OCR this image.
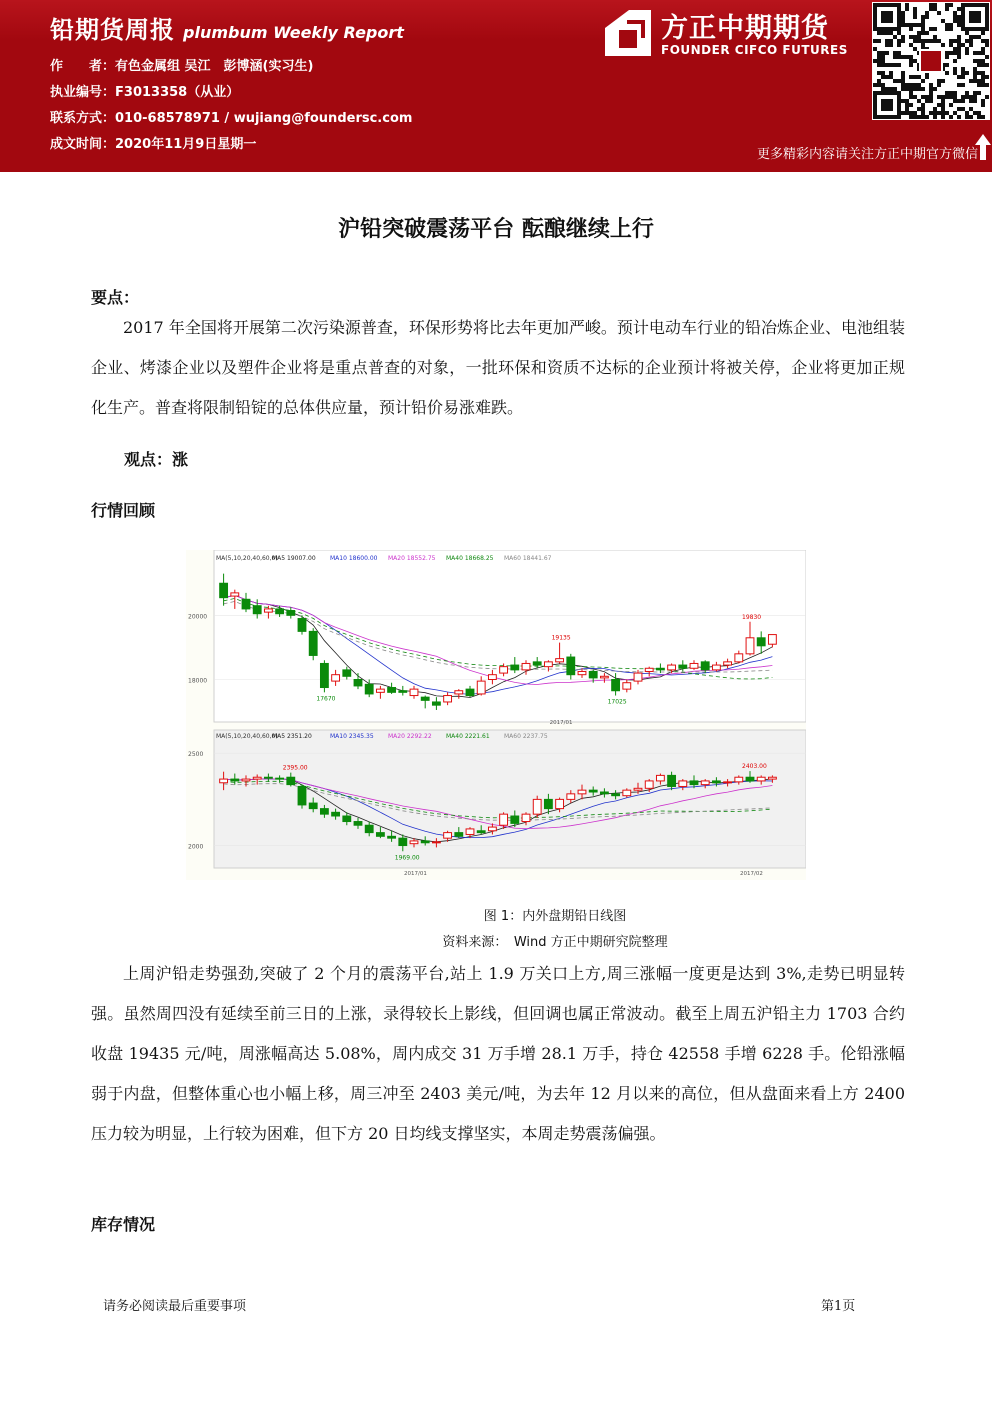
铅期货周报 plumbum Weekly Report
作　　者：有色金属组 吴江　彭博涵(实习生)
执业编号：F3013358（从业）
联系方式：010-68578971 / wujiang@foundersc.com
成文时间：2020年11月9日星期一
方正中期期货
FOUNDER CIFCO FUTURES
更多精彩内容请关注方正中期官方微信
沪铅突破震荡平台 酝酿继续上行
要点：

2017 年全国将开展第二次污染源普查，环保形势将比去年更加严峻。预计电动车行业的铅冶炼企业、电池组装企业、烤漆企业以及塑件企业将是重点普查的对象，一批环保和资质不达标的企业预计将被关停，企业将更加正规化生产。普查将限制铅锭的总体供应量，预计铅价易涨难跌。

观点：涨
行情回顾
20000
18000
19135
17670	17025
19830
MA(5,10,20,40,60,0)
MA5 19007.00 MA10 18600.00 MA20 18552.75 MA40 18668.25 MA60 18441.67
2017/01
2500
2000
2395.00
1969.00
2403.00
MA(5,10,20,40,60,0)
MA5 2351.20	MA10 2345.35 MA20 2292.22 MA40 2221.61 MA60 2237.75
2017/01	2017/02
图 1：内外盘期铅日线图
资料来源：　Wind 方正中期研究院整理

上周沪铅走势强劲,突破了 2 个月的震荡平台,站上 1.9 万关口上方,周三涨幅一度更是达到 3%,走势已明显转强。虽然周四没有延续至前三日的上涨，录得较长上影线，但回调也属正常波动。截至上周五沪铅主力 1703 合约收盘 19435 元/吨，周涨幅高达 5.08%，周内成交 31 万手增 28.1 万手，持仓 42558 手增 6228 手。伦铅涨幅弱于内盘，但整体重心也小幅上移，周三冲至 2403 美元/吨，为去年 12 月以来的高位，但从盘面来看上方 2400 压力较为明显，上行较为困难，但下方 20 日均线支撑坚实，本周走势震荡偏强。

库存情况
请务必阅读最后重要事项	第1页
